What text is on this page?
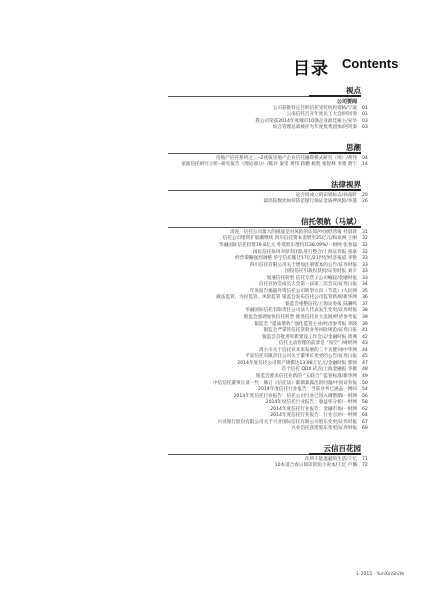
目录 Contents
视点
公司要闻
公司获批特定目的信托受托机构资格/宁波 01
云南信托召开年度员工大会/阿风奏 01
我公司荣获2014年度城市10强企业最佳雇主/宋华 03
综合管理总部被评为年度优秀团体/阿风奏 03
思潮
房地产信托系列之三--2优质房地产企业信托融资模式研究（续）/黄伟 04
家族信托研究小组--研究报告（理论部分）/陈玲 秦雯 黄伟 蒋鹏 杨凯 张煜林 李蔓 黄宁 14
法律视界
论合同成立的识别标志/孙南昕 20
最高院数处如何防范银行保证金质押风险/李蔓 26
信托领航（马斌）
清查，信托公司最大的挑战是对风险的认知/中国经营报 杜晨晨 31
信托公司增资扩股潮继续 四川信托资本金增至25亿元/和讯网 王刚 32
华融国际信托投资19.8亿元 外资股东增持其38.09%/一财网 张春磊 32
国民信托拟再对原有团队进行整合/上海证券报 张豪 32
经营策略强烈调整 华宝信托搬迁17亿/21世纪经济报道 李艳 33
四川信托有限公司关于增加注册资本的公告/证券时报 33
国投信托引战投获批/证券时报 刘辛 33
加速信托转型 信托专营子公司崛起/金融时报 33
信托业协会成员大会第一届第三次会议/证券日报 34
年度报告揭露外资信托公司转型方向（节选）/人民网 35
做法监管，为民监管，风险监管 银监会发布信托公司监管新规/新华网 36
银监会重整信托/上海证券报 陆澜鸣 37
华融国际信托有限责任公司法人代表发生变更/证券时报 38
银监会强调加快信托转型 推进信托业大发展/经济参考报 39
银监会 “提质增效” 强化监管主业/经济参考报 李晓 39
银监会严掌管信托贷款业务风险规范/证券日报 41
银监会首批进军新建设工作会议/金融时报 周燕 42
信托主动管理的前景是 “真空” /财经网 43
周小川关于信托业未来发展的三个关键词/中华网 44
平安信托有限责任公司关于董事长变更的公告/证券日报 45
2014年度信托公司资产规模达13.98万亿元/金融时报 郭强 47
首个信托 QDII 试点/上海金融报 李薇 48
银监会要求信托业新的 “五联合” 监管标准/新华网 49
中信信托董事长谈一些：修订《信托法》渐渐暴露出的问题/中国证券报 50
2014年度信托行业报告：当前业务已涵盖一网同 54
2014年度信托行业报告：信托公司行业已进入调整期/一财网 56
2014年度信托行业报告：收益率分析/一财网 58
2014年度信托行业报告：金融市场/一财网 62
2014年度信托行业报告：行业点评/一财网 64
兴业银行股份有限公司关于兴业国际信托有限公司股东变更/证券时报 67
兴业信托获批股东变更/证券时报 69
云信百花园
你所不能逃避的生活/王忆 71
10本适合春日阅读的短小说本/王忆 卢璐 72
1-2015 · YunXinShiYe
